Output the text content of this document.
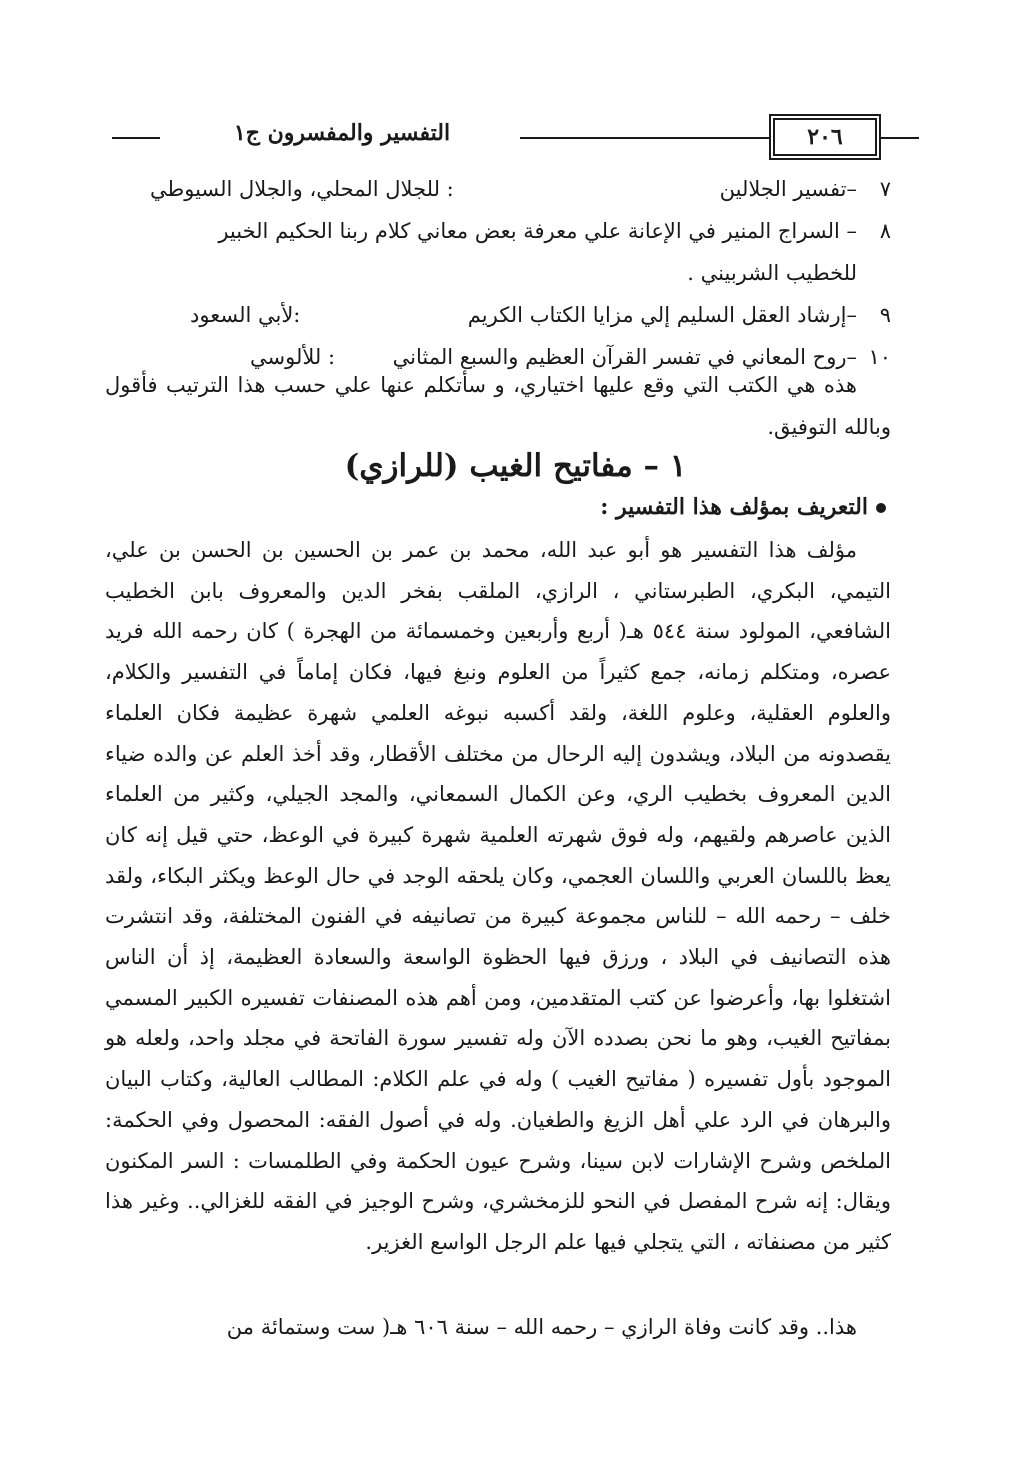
التفسير والمفسرون ج١	٢٠٦
٧–تفسير الجلالين
: للجلال المحلي، والجلال السيوطي
٨– السراج المنير في الإعانة علي معرفة بعض معاني كلام ربنا الحكيم الخبير
للخطيب الشربيني .
٩–إرشاد العقل السليم إلي مزايا الكتاب الكريم
:لأبي السعود
١٠–روح المعاني في تفسر القرآن العظيم والسبع المثاني
: للألوسي
هذه هي الكتب التي وقع عليها اختياري، و سأتكلم عنها علي حسب هذا الترتيب فأقول وبالله التوفيق.
١ – مفاتيح الغيب (للرازي)
التعريف بمؤلف هذا التفسير :
مؤلف هذا التفسير هو أبو عبد الله، محمد بن عمر بن الحسين بن الحسن بن علي، التيمي، البكري، الطبرستاني ، الرازي، الملقب بفخر الدين والمعروف بابن الخطيب الشافعي، المولود سنة ٥٤٤ هـ( أربع وأربعين وخمسمائة من الهجرة ) كان رحمه الله فريد عصره، ومتكلم زمانه، جمع كثيراً من العلوم ونبغ فيها، فكان إماماً في التفسير والكلام، والعلوم العقلية، وعلوم اللغة، ولقد أكسبه نبوغه العلمي شهرة عظيمة فكان العلماء يقصدونه من البلاد، ويشدون إليه الرحال من مختلف الأقطار، وقد أخذ العلم عن والده ضياء الدين المعروف بخطيب الري، وعن الكمال السمعاني، والمجد الجيلي، وكثير من العلماء الذين عاصرهم ولقيهم، وله فوق شهرته العلمية شهرة كبيرة في الوعظ، حتي قيل إنه كان يعظ باللسان العربي واللسان العجمي، وكان يلحقه الوجد في حال الوعظ ويكثر البكاء، ولقد خلف – رحمه الله – للناس مجموعة كبيرة من تصانيفه في الفنون المختلفة، وقد انتشرت هذه التصانيف في البلاد ، ورزق فيها الحظوة الواسعة والسعادة العظيمة، إذ أن الناس اشتغلوا بها، وأعرضوا عن كتب المتقدمين، ومن أهم هذه المصنفات تفسيره الكبير المسمي بمفاتيح الغيب، وهو ما نحن بصدده الآن وله تفسير سورة الفاتحة في مجلد واحد، ولعله هو الموجود بأول تفسيره ( مفاتيح الغيب ) وله في علم الكلام: المطالب العالية، وكتاب البيان والبرهان في الرد علي أهل الزيغ والطغيان. وله في أصول الفقه: المحصول وفي الحكمة: الملخص وشرح الإشارات لابن سينا، وشرح عيون الحكمة وفي الطلمسات : السر المكنون ويقال: إنه شرح المفصل في النحو للزمخشري، وشرح الوجيز في الفقه للغزالي.. وغير هذا كثير من مصنفاته ، التي يتجلي فيها علم الرجل الواسع الغزير.
هذا.. وقد كانت وفاة الرازي – رحمه الله – سنة ٦٠٦ هـ( ست وستمائة من
